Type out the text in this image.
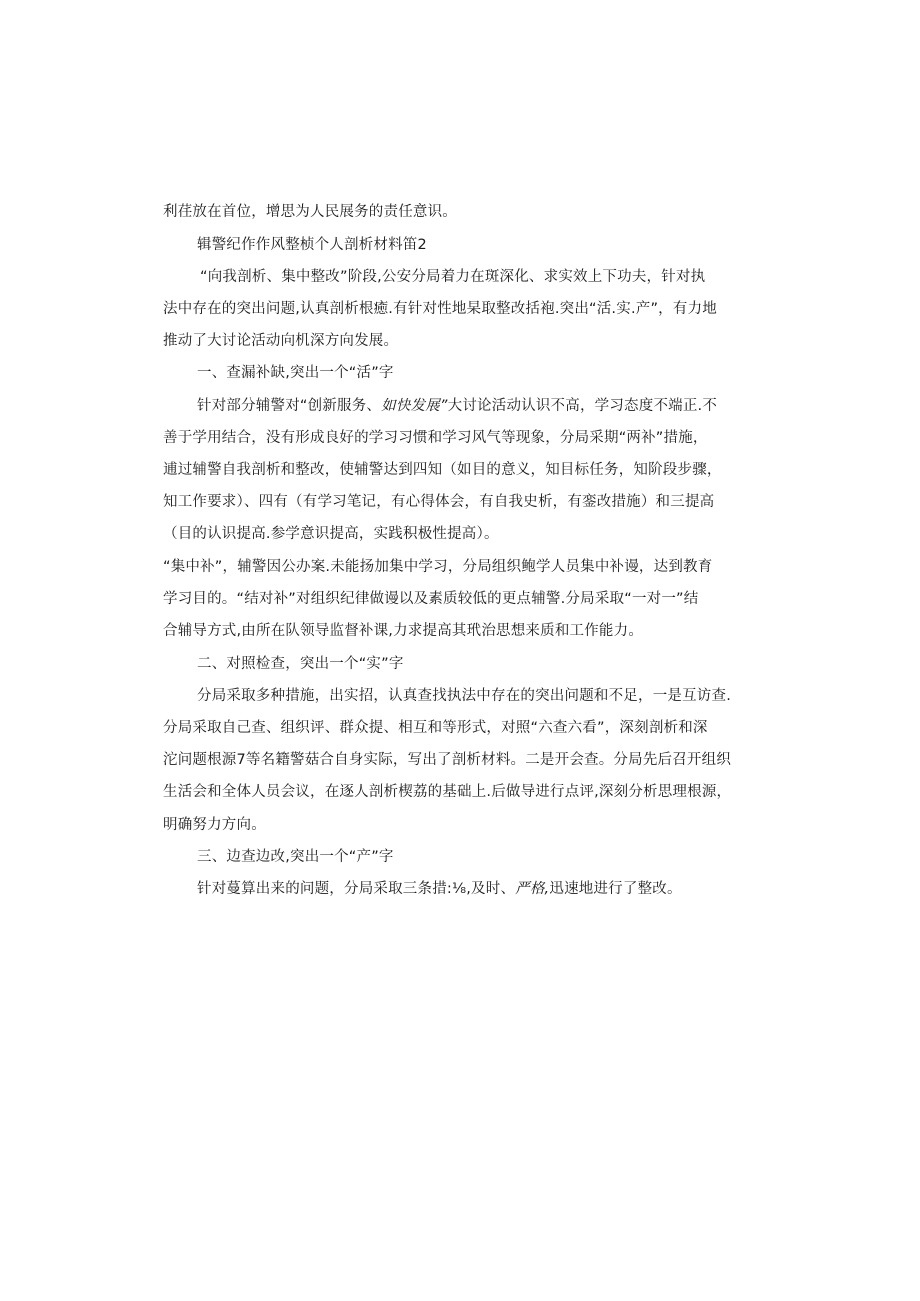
利荏放在首位，增思为人民展务的责任意识。
辑警纪作作风整桢个人剖析材料笛2
“向我剖析、集中整改”阶段,公安分局着力在斑深化、求实效上下功夫，针对执
法中存在的突出问题,认真剖析根癒.有针对性地杲取整改括袍.突出“活.实.产”，有力地
推动了大讨论活动向机深方向发展。
一、查漏补缺,突出一个“活”字
针对部分辅警对“创新服务、如快发展”大讨论活动认识不高，学习态度不端正.不
善于学用结合，没有形成良好的学习习惯和学习风气等现象，分局采期“两补”措施，
逋过辅警自我剖析和整改，使辅警达到四知（如目的意义，知目标任务，知阶段步骤，
知工作要求）、四有（有学习笔记，有心得体会，有自我史析，有銮改措施）和三提高
（目的认识提高.参学意识提高，实践积极性提高）。
“集中补”，辅警因公办案.未能扬加集中学习，分局组织鲍学人员集中补谩，达到教育
学习目的。“结对补”对组织纪律做谩以及素质较低的更点辅警.分局采取“一对一”结
合辅导方式,由所在队领导监督补课,力求提高其玳治思想来质和工作能力。
二、对照检查，突出一个“实”字
分局采取多种措施，出实招，认真查找执法中存在的突出问题和不足，一是互访查.
分局采取自己查、组织评、群众提、相互和等形式，对照“六查六看”，深刻剖析和深
沱问题根源7等名籍警菇合自身实际，写出了剖析材料。二是开会查。分局先后召开组织
生活会和全体人员会议，在逐人剖析楔荔的基础上.后做导进行点评,深刻分析思理根源，
明确努力方向。
三、边查边改,突出一个“产”字
针对蔓算出来的问题，分局采取三条措:⅛,及时、严格,迅速地进行了整改。
